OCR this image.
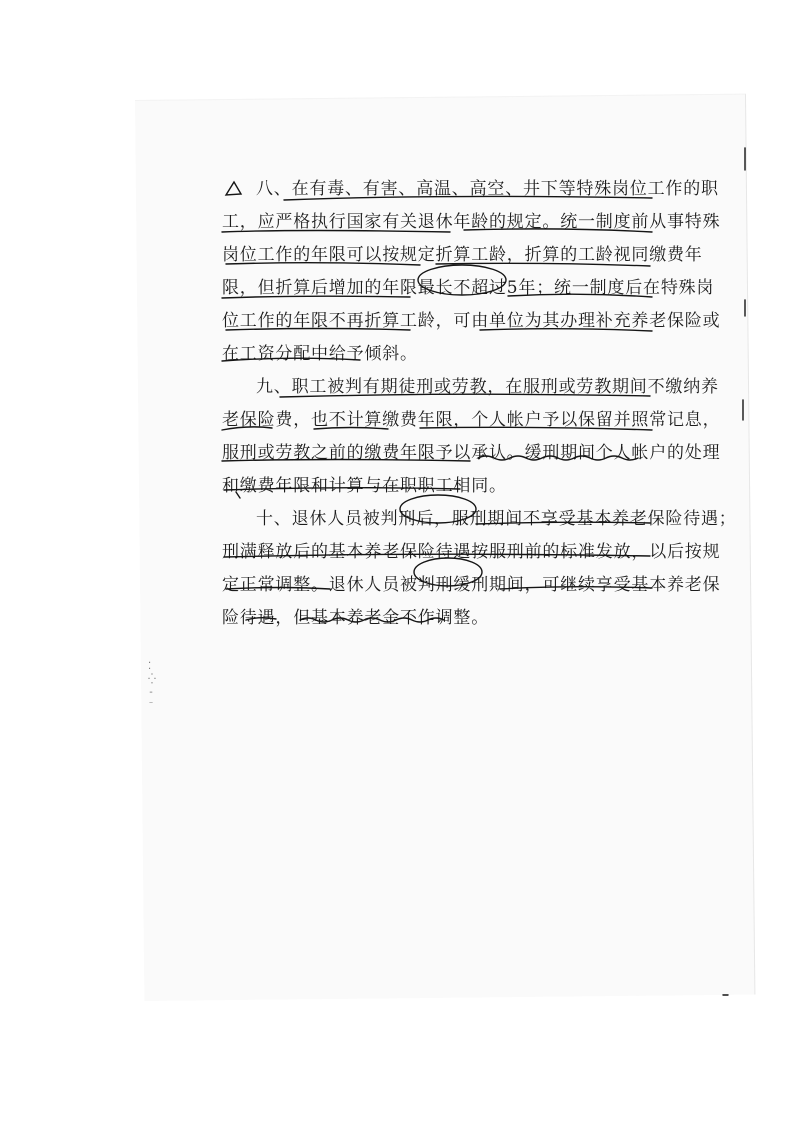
⁚
⁛
-
⁻
八、在有毒、有害、高温、高空、井下等特殊岗位工作的职
工，应严格执行国家有关退休年龄的规定。统一制度前从事特殊
岗位工作的年限可以按规定折算工龄，折算的工龄视同缴费年
限，但折算后增加的年限最长不超过5年；统一制度后在特殊岗
位工作的年限不再折算工龄，可由单位为其办理补充养老保险或
在工资分配中给予倾斜。
九、职工被判有期徒刑或劳教，在服刑或劳教期间不缴纳养
老保险费，也不计算缴费年限，个人帐户予以保留并照常记息，
服刑或劳教之前的缴费年限予以承认。缓刑期间个人帐户的处理
和缴费年限和计算与在职职工相同。
十、退休人员被判刑后，服刑期间不享受基本养老保险待遇；
刑满释放后的基本养老保险待遇按服刑前的标准发放，以后按规
定正常调整。退休人员被判刑缓刑期间，可继续享受基本养老保
险待遇，但基本养老金不作调整。
